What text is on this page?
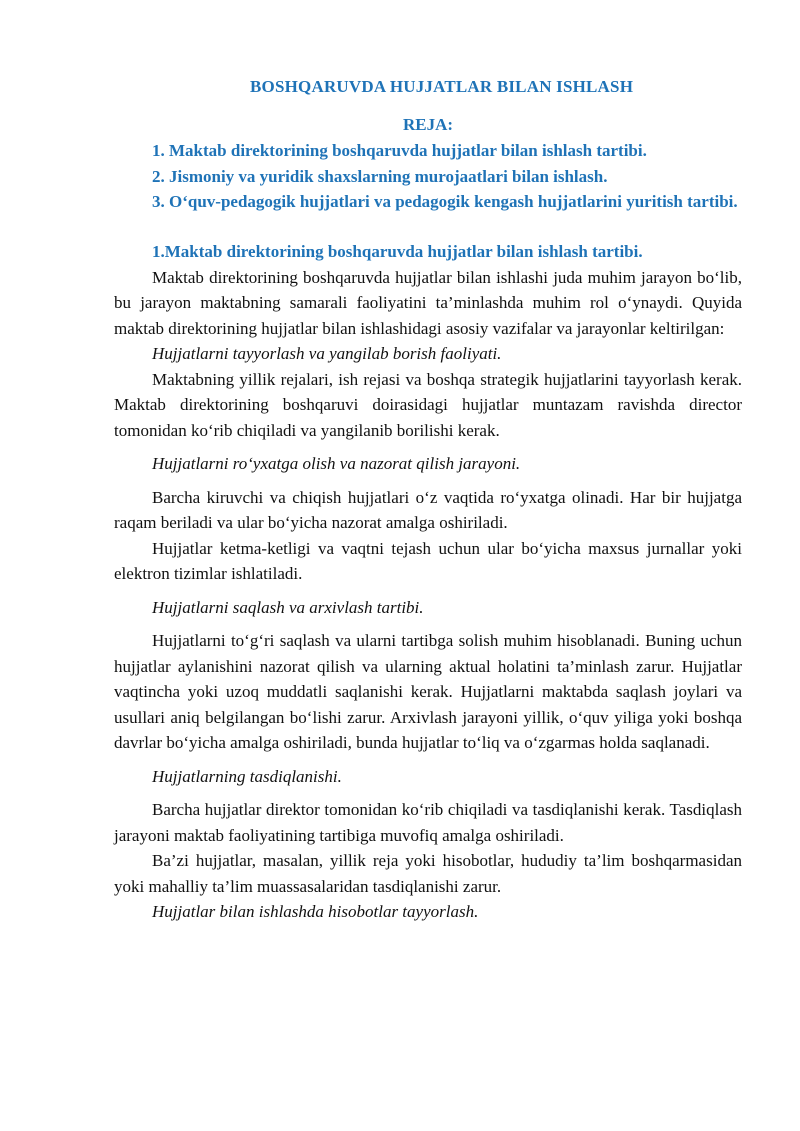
BOSHQARUVDA HUJJATLAR BILAN ISHLASH
REJA:
1. Maktab direktorining boshqaruvda hujjatlar bilan ishlash tartibi.
2. Jismoniy va yuridik shaxslarning murojaatlari bilan ishlash.
3. O‘quv-pedagogik hujjatlari va pedagogik kengash hujjatlarini yuritish tartibi.
1.Maktab direktorining boshqaruvda hujjatlar bilan ishlash tartibi.

Maktab direktorining boshqaruvda hujjatlar bilan ishlashi juda muhim jarayon bo‘lib, bu jarayon maktabning samarali faoliyatini ta’minlashda muhim rol o‘ynaydi. Quyida maktab direktorining hujjatlar bilan ishlashidagi asosiy vazifalar va jarayonlar keltirilgan:

Hujjatlarni tayyorlash va yangilab borish faoliyati.

Maktabning yillik rejalari, ish rejasi va boshqa strategik hujjatlarini tayyorlash kerak. Maktab direktorining boshqaruvi doirasidagi hujjatlar muntazam ravishda director tomonidan ko‘rib chiqiladi va yangilanib borilishi kerak.

Hujjatlarni ro‘yxatga olish va nazorat qilish jarayoni.

Barcha kiruvchi va chiqish hujjatlari o‘z vaqtida ro‘yxatga olinadi. Har bir hujjatga raqam beriladi va ular bo‘yicha nazorat amalga oshiriladi.

Hujjatlar ketma-ketligi va vaqtni tejash uchun ular bo‘yicha maxsus jurnallar yoki elektron tizimlar ishlatiladi.

Hujjatlarni saqlash va arxivlash tartibi.

Hujjatlarni to‘g‘ri saqlash va ularni tartibga solish muhim hisoblanadi. Buning uchun hujjatlar aylanishini nazorat qilish va ularning aktual holatini ta’minlash zarur. Hujjatlar vaqtincha yoki uzoq muddatli saqlanishi kerak. Hujjatlarni maktabda saqlash joylari va usullari aniq belgilangan bo‘lishi zarur. Arxivlash jarayoni yillik, o‘quv yiliga yoki boshqa davrlar bo‘yicha amalga oshiriladi, bunda hujjatlar to‘liq va o‘zgarmas holda saqlanadi.

Hujjatlarning tasdiqlanishi.

Barcha hujjatlar direktor tomonidan ko‘rib chiqiladi va tasdiqlanishi kerak. Tasdiqlash jarayoni maktab faoliyatining tartibiga muvofiq amalga oshiriladi.

Ba’zi hujjatlar, masalan, yillik reja yoki hisobotlar, hududiy ta’lim boshqarmasidan yoki mahalliy ta’lim muassasalaridan tasdiqlanishi zarur.

Hujjatlar bilan ishlashda hisobotlar tayyorlash.
